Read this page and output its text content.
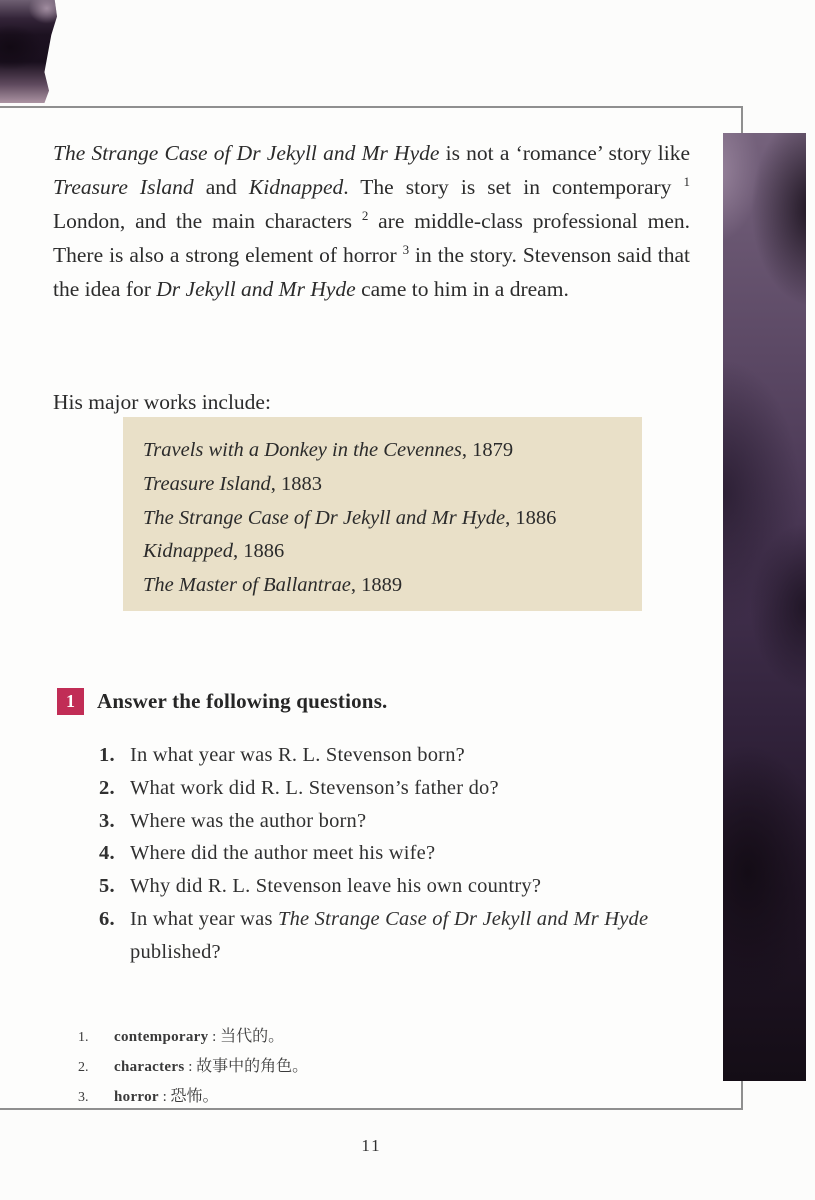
The Strange Case of Dr Jekyll and Mr Hyde is not a ‘romance’ story like Treasure Island and Kidnapped. The story is set in contemporary $^1$ London, and the main characters $^2$ are middle-class professional men. There is also a strong element of horror $^3$ in the story. Stevenson said that the idea for Dr Jekyll and Mr Hyde came to him in a dream.

His major works include:

Travels with a Donkey in the Cevennes, 1879
Treasure Island, 1883
The Strange Case of Dr Jekyll and Mr Hyde, 1886
Kidnapped, 1886
The Master of Ballantrae, 1889
1	Answer the following questions.
1. In what year was R. L. Stevenson born?
2. What work did R. L. Stevenson’s father do?
3. Where was the author born?
4. Where did the author meet his wife?
5. Why did R. L. Stevenson leave his own country?
6. In what year was The Strange Case of Dr Jekyll and Mr Hyde published?
1.	contemporary : 当代的。
2.	characters : 故事中的角色。
3.	horror : 恐怖。
11
